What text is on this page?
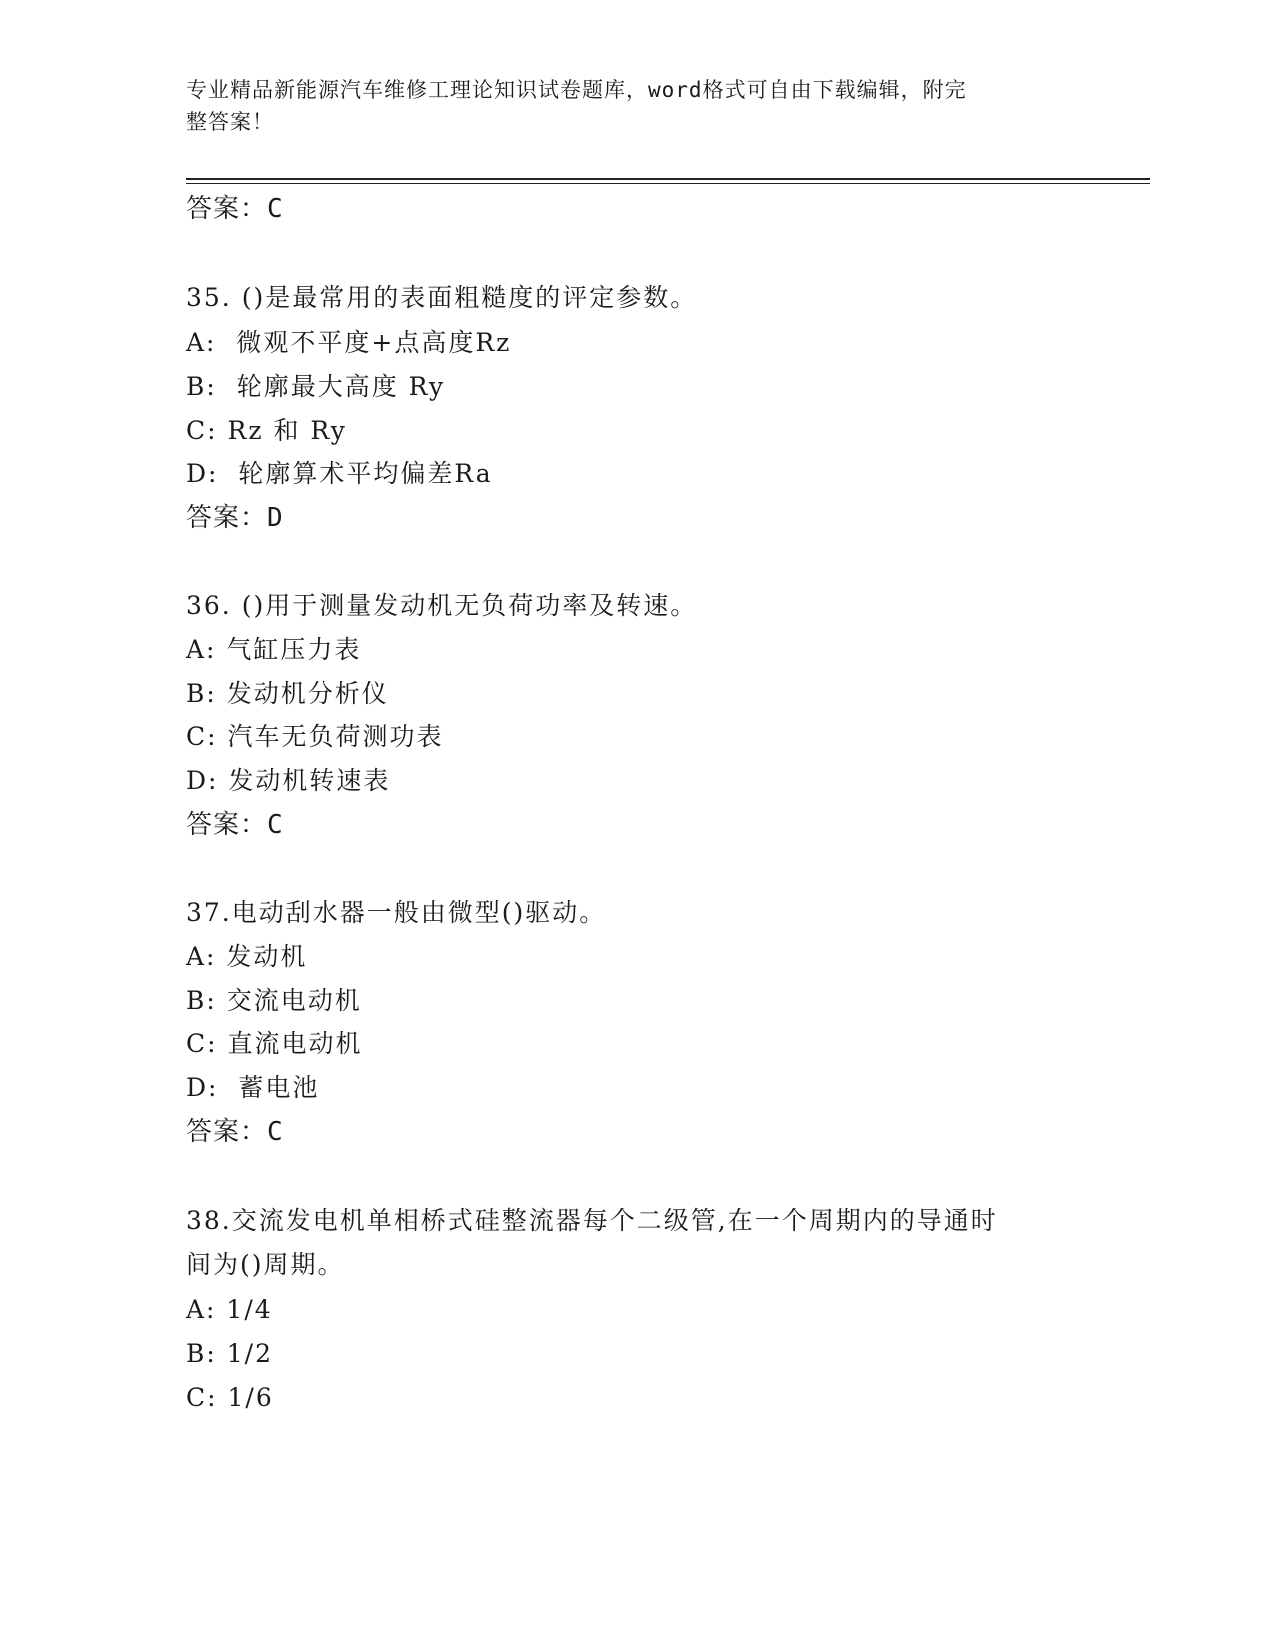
专业精品新能源汽车维修工理论知识试卷题库，word格式可自由下载编辑，附完
整答案！
答案：C
35. ()是最常用的表面粗糙度的评定参数。
A:  微观不平度+点高度Rz
B:  轮廓最大高度 Ry
C: Rz 和 Ry
D:  轮廓算术平均偏差Ra
答案：D
36. ()用于测量发动机无负荷功率及转速。
A: 气缸压力表
B: 发动机分析仪
C: 汽车无负荷测功表
D: 发动机转速表
答案：C
37.电动刮水器一般由微型()驱动。
A: 发动机
B: 交流电动机
C: 直流电动机
D:  蓄电池
答案：C
38.交流发电机单相桥式硅整流器每个二级管,在一个周期内的导通时
间为()周期。
A: 1/4
B: 1/2
C: 1/6
